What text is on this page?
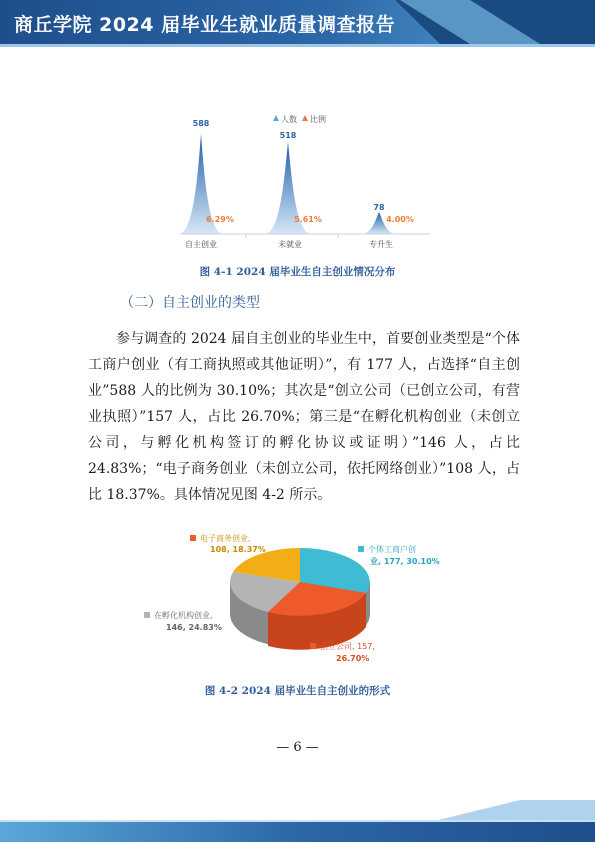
商丘学院 2024 届毕业生就业质量调查报告
人数 比例
588
518
78
6.29%	5.61%	4.00%
自主创业	未就业	专升生
图 4-1 2024 届毕业生自主创业情况分布
（二）自主创业的类型

参与调查的 2024 届自主创业的毕业生中，首要创业类型是“个体工商户创业（有工商执照或其他证明）”，有 177 人，占选择“自主创业”588 人的比例为 30.10%；其次是“创立公司（已创立公司，有营业执照）”157 人，占比 26.70%；第三是“在孵化机构创业（未创立公司，与孵化机构签订的孵化协议或证明）”146 人，占比 24.83%；“电子商务创业（未创立公司，依托网络创业）”108 人，占比 18.37%。具体情况见图 4-2 所示。

电子商务创业,
108, 18.37%	个体工商户创
业, 177, 30.10%
创立公司, 157,
26.70%
在孵化机构创业,
146, 24.83%
图 4-2 2024 届毕业生自主创业的形式
— 6 —
